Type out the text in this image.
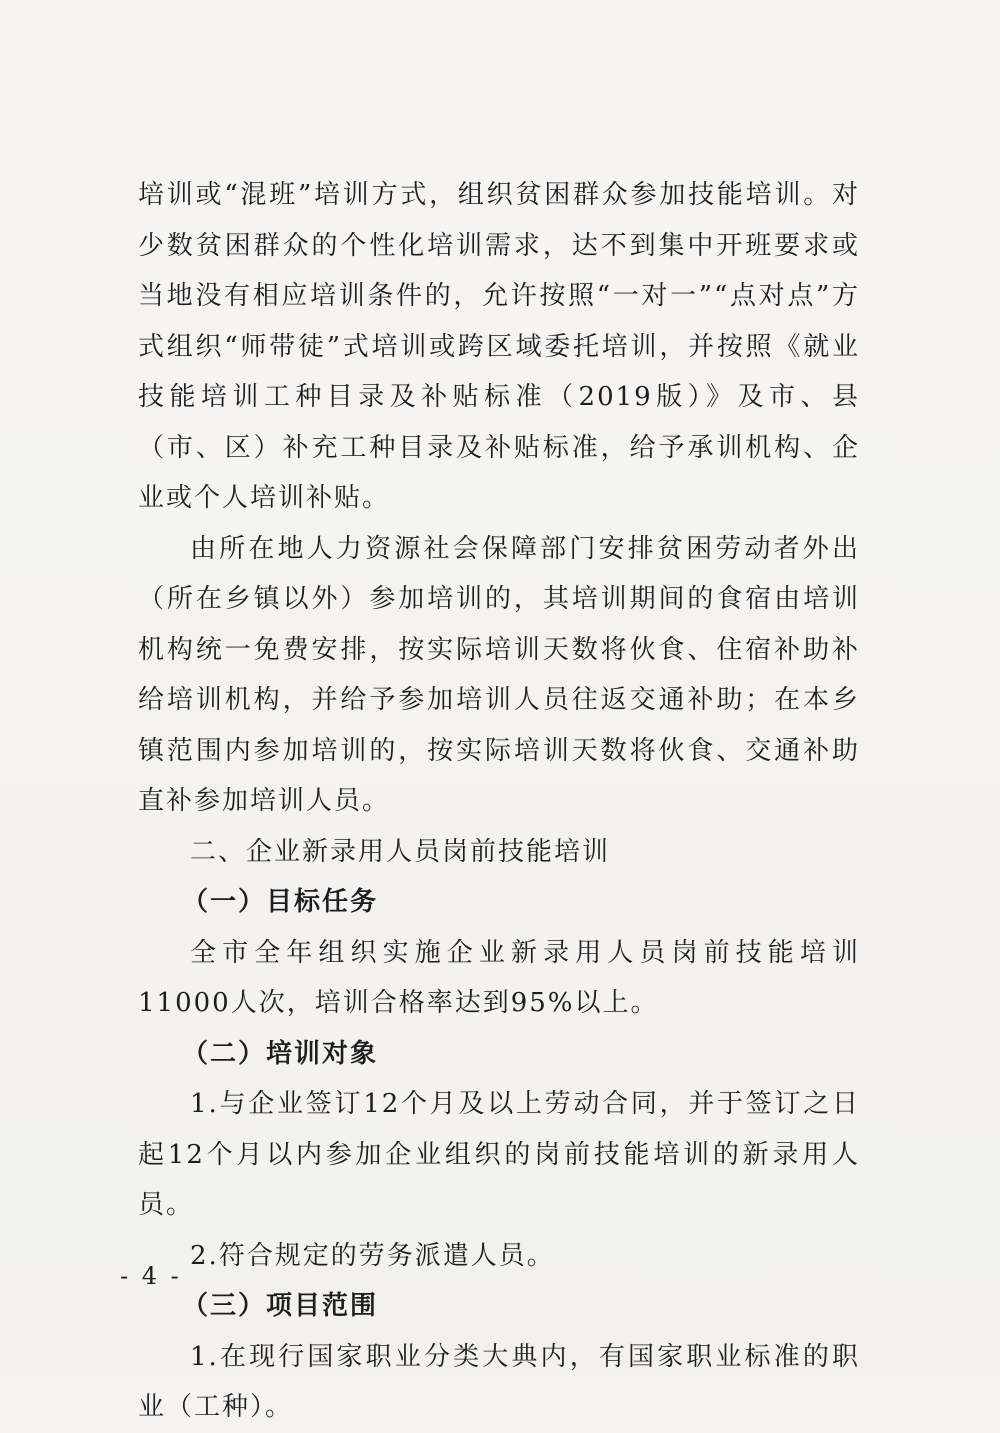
培训或“混班”培训方式，组织贫困群众参加技能培训。对少数贫困群众的个性化培训需求，达不到集中开班要求或当地没有相应培训条件的，允许按照“一对一”“点对点”方式组织“师带徒”式培训或跨区域委托培训，并按照《就业技能培训工种目录及补贴标准（2019版）》及市、县（市、区）补充工种目录及补贴标准，给予承训机构、企业或个人培训补贴。

由所在地人力资源社会保障部门安排贫困劳动者外出（所在乡镇以外）参加培训的，其培训期间的食宿由培训机构统一免费安排，按实际培训天数将伙食、住宿补助补给培训机构，并给予参加培训人员往返交通补助；在本乡镇范围内参加培训的，按实际培训天数将伙食、交通补助直补参加培训人员。

二、企业新录用人员岗前技能培训

（一）目标任务

全市全年组织实施企业新录用人员岗前技能培训11000人次，培训合格率达到95%以上。

（二）培训对象

1.与企业签订12个月及以上劳动合同，并于签订之日起12个月以内参加企业组织的岗前技能培训的新录用人员。

2.符合规定的劳务派遣人员。

（三）项目范围

1.在现行国家职业分类大典内，有国家职业标准的职业（工种）。

- 4 -
